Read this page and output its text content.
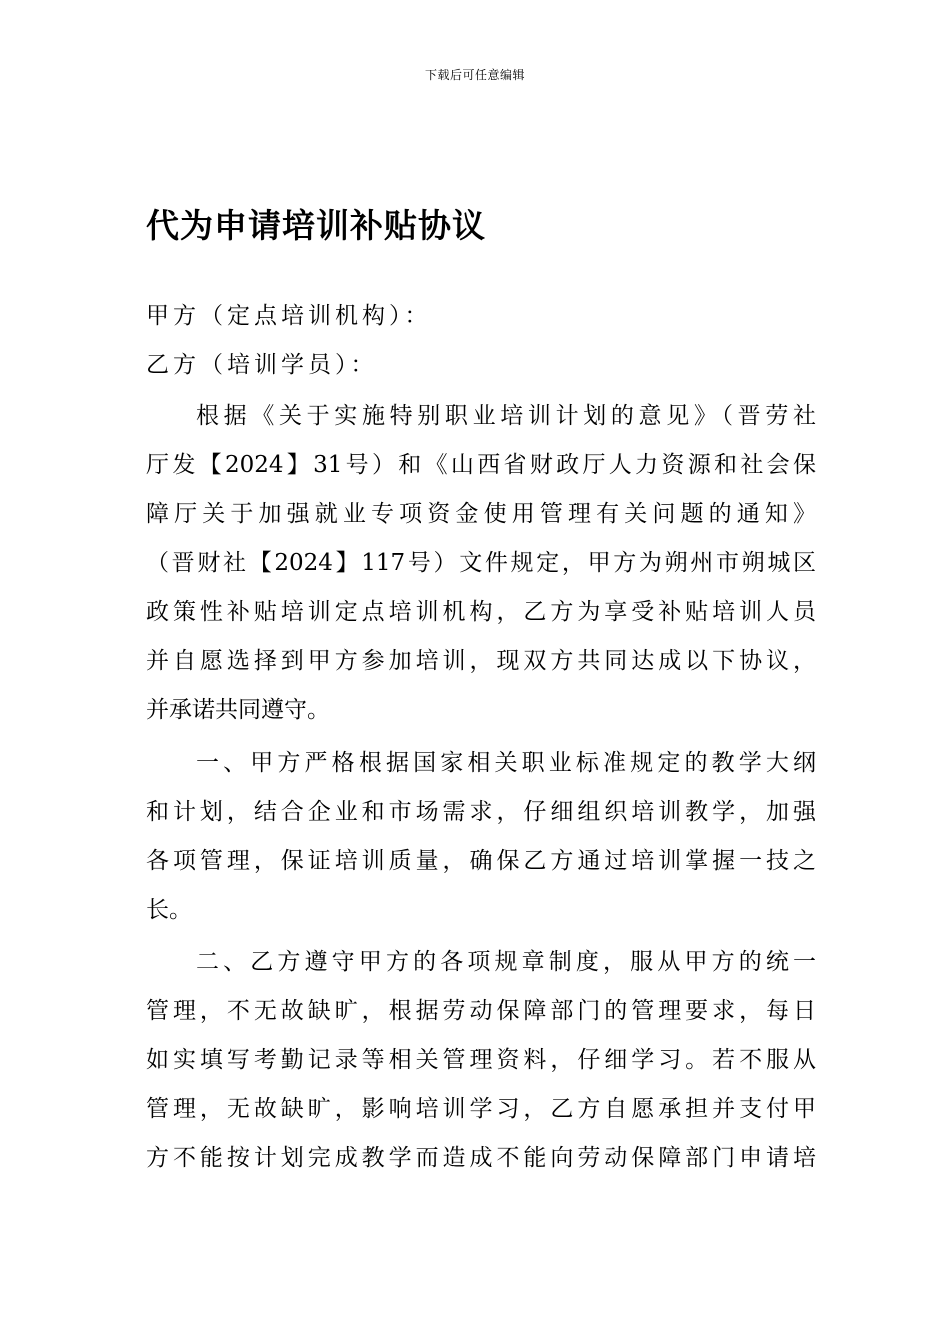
下载后可任意编辑
代为申请培训补贴协议
甲方（定点培训机构）：
乙方（培训学员）：
根据《关于实施特别职业培训计划的意见》（晋劳社
厅发【2024】31号）和《山西省财政厅人力资源和社会保
障厅关于加强就业专项资金使用管理有关问题的通知》
（晋财社【2024】117号）文件规定，甲方为朔州市朔城区
政策性补贴培训定点培训机构，乙方为享受补贴培训人员
并自愿选择到甲方参加培训，现双方共同达成以下协议，
并承诺共同遵守。
一、甲方严格根据国家相关职业标准规定的教学大纲
和计划，结合企业和市场需求，仔细组织培训教学，加强
各项管理，保证培训质量，确保乙方通过培训掌握一技之
长。
二、乙方遵守甲方的各项规章制度，服从甲方的统一
管理，不无故缺旷，根据劳动保障部门的管理要求，每日
如实填写考勤记录等相关管理资料，仔细学习。若不服从
管理，无故缺旷，影响培训学习，乙方自愿承担并支付甲
方不能按计划完成教学而造成不能向劳动保障部门申请培
